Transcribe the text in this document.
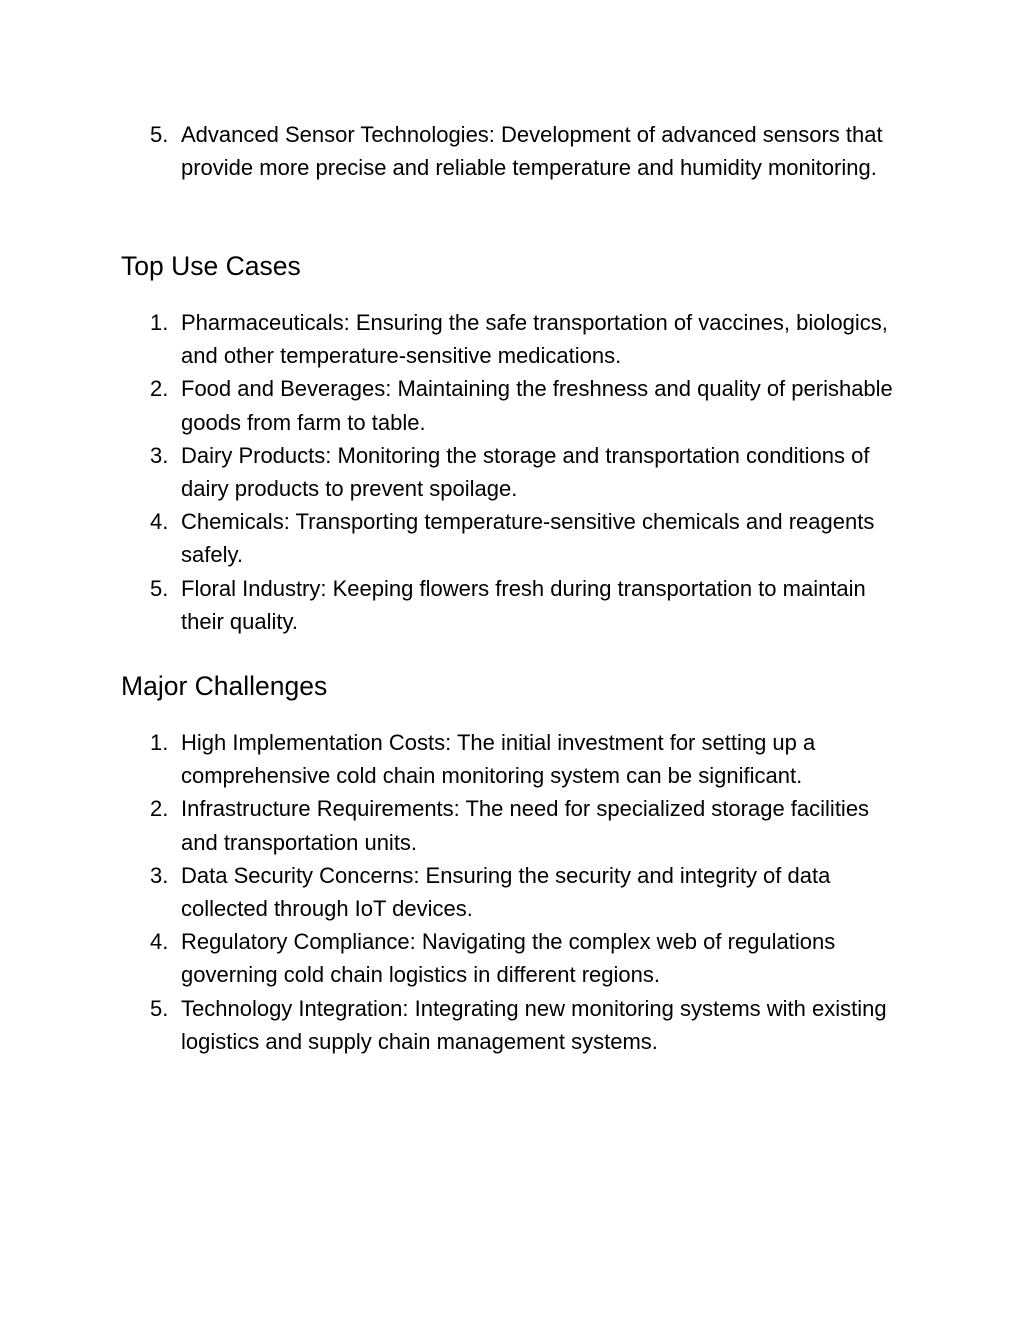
5. Advanced Sensor Technologies: Development of advanced sensors that provide more precise and reliable temperature and humidity monitoring.
Top Use Cases
1. Pharmaceuticals: Ensuring the safe transportation of vaccines, biologics, and other temperature-sensitive medications.
2. Food and Beverages: Maintaining the freshness and quality of perishable goods from farm to table.
3. Dairy Products: Monitoring the storage and transportation conditions of dairy products to prevent spoilage.
4. Chemicals: Transporting temperature-sensitive chemicals and reagents safely.
5. Floral Industry: Keeping flowers fresh during transportation to maintain their quality.
Major Challenges
1. High Implementation Costs: The initial investment for setting up a comprehensive cold chain monitoring system can be significant.
2. Infrastructure Requirements: The need for specialized storage facilities and transportation units.
3. Data Security Concerns: Ensuring the security and integrity of data collected through IoT devices.
4. Regulatory Compliance: Navigating the complex web of regulations governing cold chain logistics in different regions.
5. Technology Integration: Integrating new monitoring systems with existing logistics and supply chain management systems.
